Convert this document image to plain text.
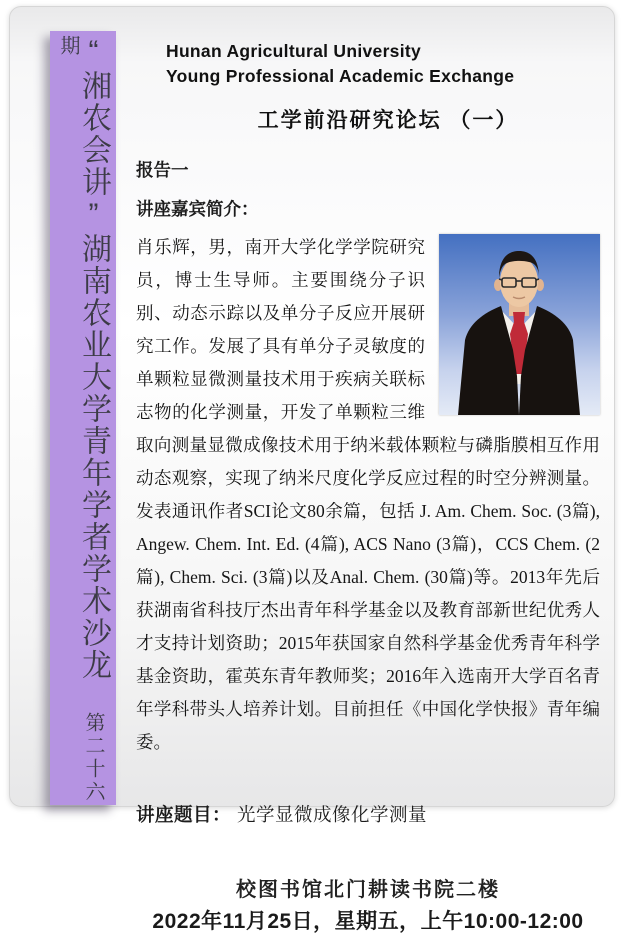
“湘农会讲”湖南农业大学青年学者学术沙龙 第二十六期	Hunan Agricultural University
Young Professional Academic Exchange
工学前沿研究论坛 （一）
报告一
讲座嘉宾简介：

肖乐辉，男，南开大学化学学院研究员，博士生导师。主要围绕分子识别、动态示踪以及单分子反应开展研究工作。发展了具有单分子灵敏度的单颗粒显微测量技术用于疾病关联标志物的化学测量，开发了单颗粒三维取向测量显微成像技术用于纳米载体颗粒与磷脂膜相互作用动态观察，实现了纳米尺度化学反应过程的时空分辨测量。发表通讯作者SCI论文80余篇，包括 J. Am. Chem. Soc. (3篇), Angew. Chem. Int. Ed. (4篇), ACS Nano (3篇)，CCS Chem. (2篇), Chem. Sci. (3篇)以及Anal. Chem. (30篇)等。2013年先后获湖南省科技厅杰出青年科学基金以及教育部新世纪优秀人才支持计划资助；2015年获国家自然科学基金优秀青年科学基金资助，霍英东青年教师奖；2016年入选南开大学百名青年学科带头人培养计划。目前担任《中国化学快报》青年编委。

讲座题目： 光学显微成像化学测量
校图书馆北门耕读书院二楼
2022年11月25日，星期五，上午10:00-12:00
